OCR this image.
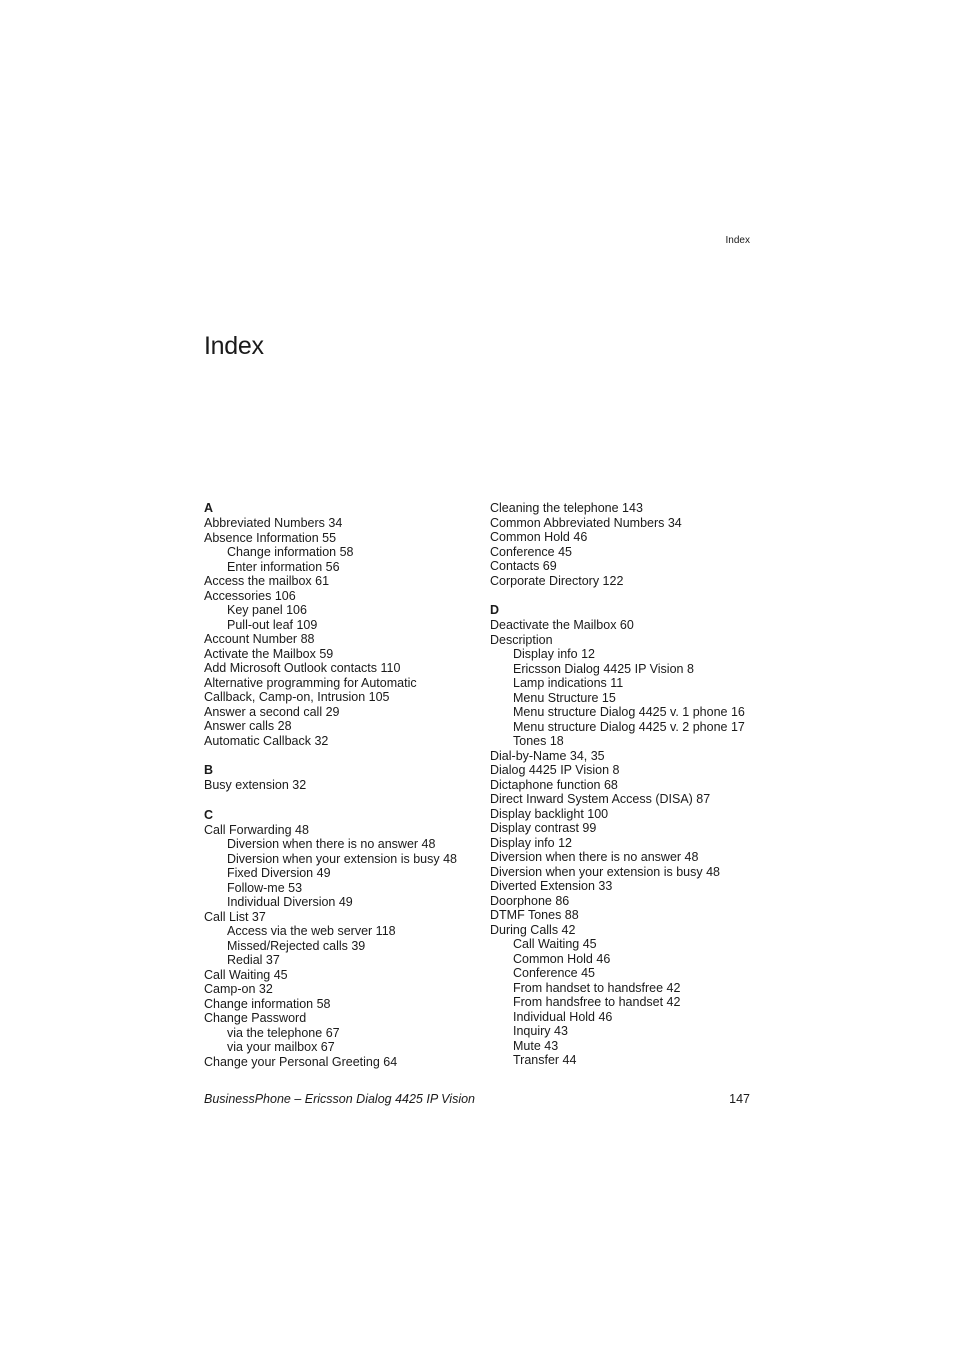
Index
Index
A
Abbreviated Numbers 34
Absence Information 55
Change information 58
Enter information 56
Access the mailbox 61
Accessories 106
Key panel 106
Pull-out leaf 109
Account Number 88
Activate the Mailbox 59
Add Microsoft Outlook contacts 110
Alternative programming for Automatic
Callback, Camp-on, Intrusion 105
Answer a second call 29
Answer calls 28
Automatic Callback 32
B
Busy extension 32
C
Call Forwarding 48
Diversion when there is no answer 48
Diversion when your extension is busy 48
Fixed Diversion 49
Follow-me 53
Individual Diversion 49
Call List 37
Access via the web server 118
Missed/Rejected calls 39
Redial 37
Call Waiting 45
Camp-on 32
Change information 58
Change Password
via the telephone 67
via your mailbox 67
Change your Personal Greeting 64
Cleaning the telephone 143
Common Abbreviated Numbers 34
Common Hold 46
Conference 45
Contacts 69
Corporate Directory 122
D
Deactivate the Mailbox 60
Description
Display info 12
Ericsson Dialog 4425 IP Vision 8
Lamp indications 11
Menu Structure 15
Menu structure Dialog 4425 v. 1 phone 16
Menu structure Dialog 4425 v. 2 phone 17
Tones 18
Dial-by-Name 34, 35
Dialog 4425 IP Vision 8
Dictaphone function 68
Direct Inward System Access (DISA) 87
Display backlight 100
Display contrast 99
Display info 12
Diversion when there is no answer 48
Diversion when your extension is busy 48
Diverted Extension 33
Doorphone 86
DTMF Tones 88
During Calls 42
Call Waiting 45
Common Hold 46
Conference 45
From handset to handsfree 42
From handsfree to handset 42
Individual Hold 46
Inquiry 43
Mute 43
Transfer 44
BusinessPhone – Ericsson Dialog 4425 IP Vision	147
